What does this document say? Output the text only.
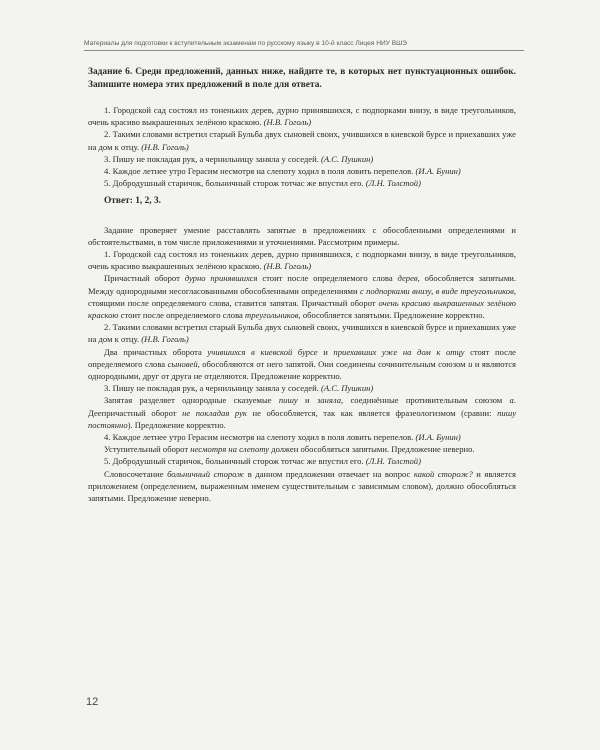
Материалы для подготовки к вступительным экзаменам по русскому языку в 10-й класс Лицея НИУ ВШЭ

Задание 6. Среди предложений, данных ниже, найдите те, в которых нет пунктуационных ошибок. Запишите номера этих предложений в поле для ответа.

1. Городской сад состоял из тоненьких дерев, дурно принявшихся, с подпорками внизу, в виде треугольников, очень красиво выкрашенных зелёною краскою. (Н.В. Гоголь)

2. Такими словами встретил старый Бульба двух сыновей своих, учившихся в киевской бурсе и приехавших уже на дом к отцу. (Н.В. Гоголь)

3. Пишу не покладая рук, а чернильницу заняла у соседей. (А.С. Пушкин)

4. Каждое летнее утро Герасим несмотря на слепоту ходил в поля ловить перепелов. (И.А. Бунин)

5. Добродушный старичок, больничный сторож тотчас же впустил его. (Л.Н. Толстой)

Ответ: 1, 2, 3.

Задание проверяет умение расставлять запятые в предложениях с обособленными определениями и обстоятельствами, в том числе приложениями и уточнениями. Рассмотрим примеры.

1. Городской сад состоял из тоненьких дерев, дурно принявшихся, с подпорками внизу, в виде треугольников, очень красиво выкрашенных зелёною краскою. (Н.В. Гоголь)

Причастный оборот дурно принявшихся стоит после определяемого слова дерев, обособляется запятыми. Между однородными несогласованными обособленными определениями с подпорками внизу, в виде треугольников, стоящими после определяемого слова, ставится запятая. Причастный оборот очень красиво выкрашенных зелёною краскою стоит после определяемого слова треугольников, обособляется запятыми. Предложение корректно.

2. Такими словами встретил старый Бульба двух сыновей своих, учившихся в киевской бурсе и приехавших уже на дом к отцу. (Н.В. Гоголь)

Два причастных оборота учившихся в киевской бурсе и приехавших уже на дом к отцу стоят после определяемого слова сыновей, обособляются от него запятой. Они соединены сочинительным союзом и и являются однородными, друг от друга не отделяются. Предложение корректно.

3. Пишу не покладая рук, а чернильницу заняла у соседей. (А.С. Пушкин)

Запятая разделяет однородные сказуемые пишу и заняла, соединённые противительным союзом а. Деепричастный оборот не покладая рук не обособляется, так как является фразеологизмом (сравни: пишу постоянно). Предложение корректно.

4. Каждое летнее утро Герасим несмотря на слепоту ходил в поля ловить перепелов. (И.А. Бунин)

Уступительный оборот несмотря на слепоту должен обособляться запятыми. Предложение неверно.

5. Добродушный старичок, больничный сторож тотчас же впустил его. (Л.Н. Толстой)

Словосочетание больничный сторож в данном предложении отвечает на вопрос какой сторож? и является приложением (определением, выраженным именем существительным с зависимым словом), должно обособляться запятыми. Предложение неверно.

12
